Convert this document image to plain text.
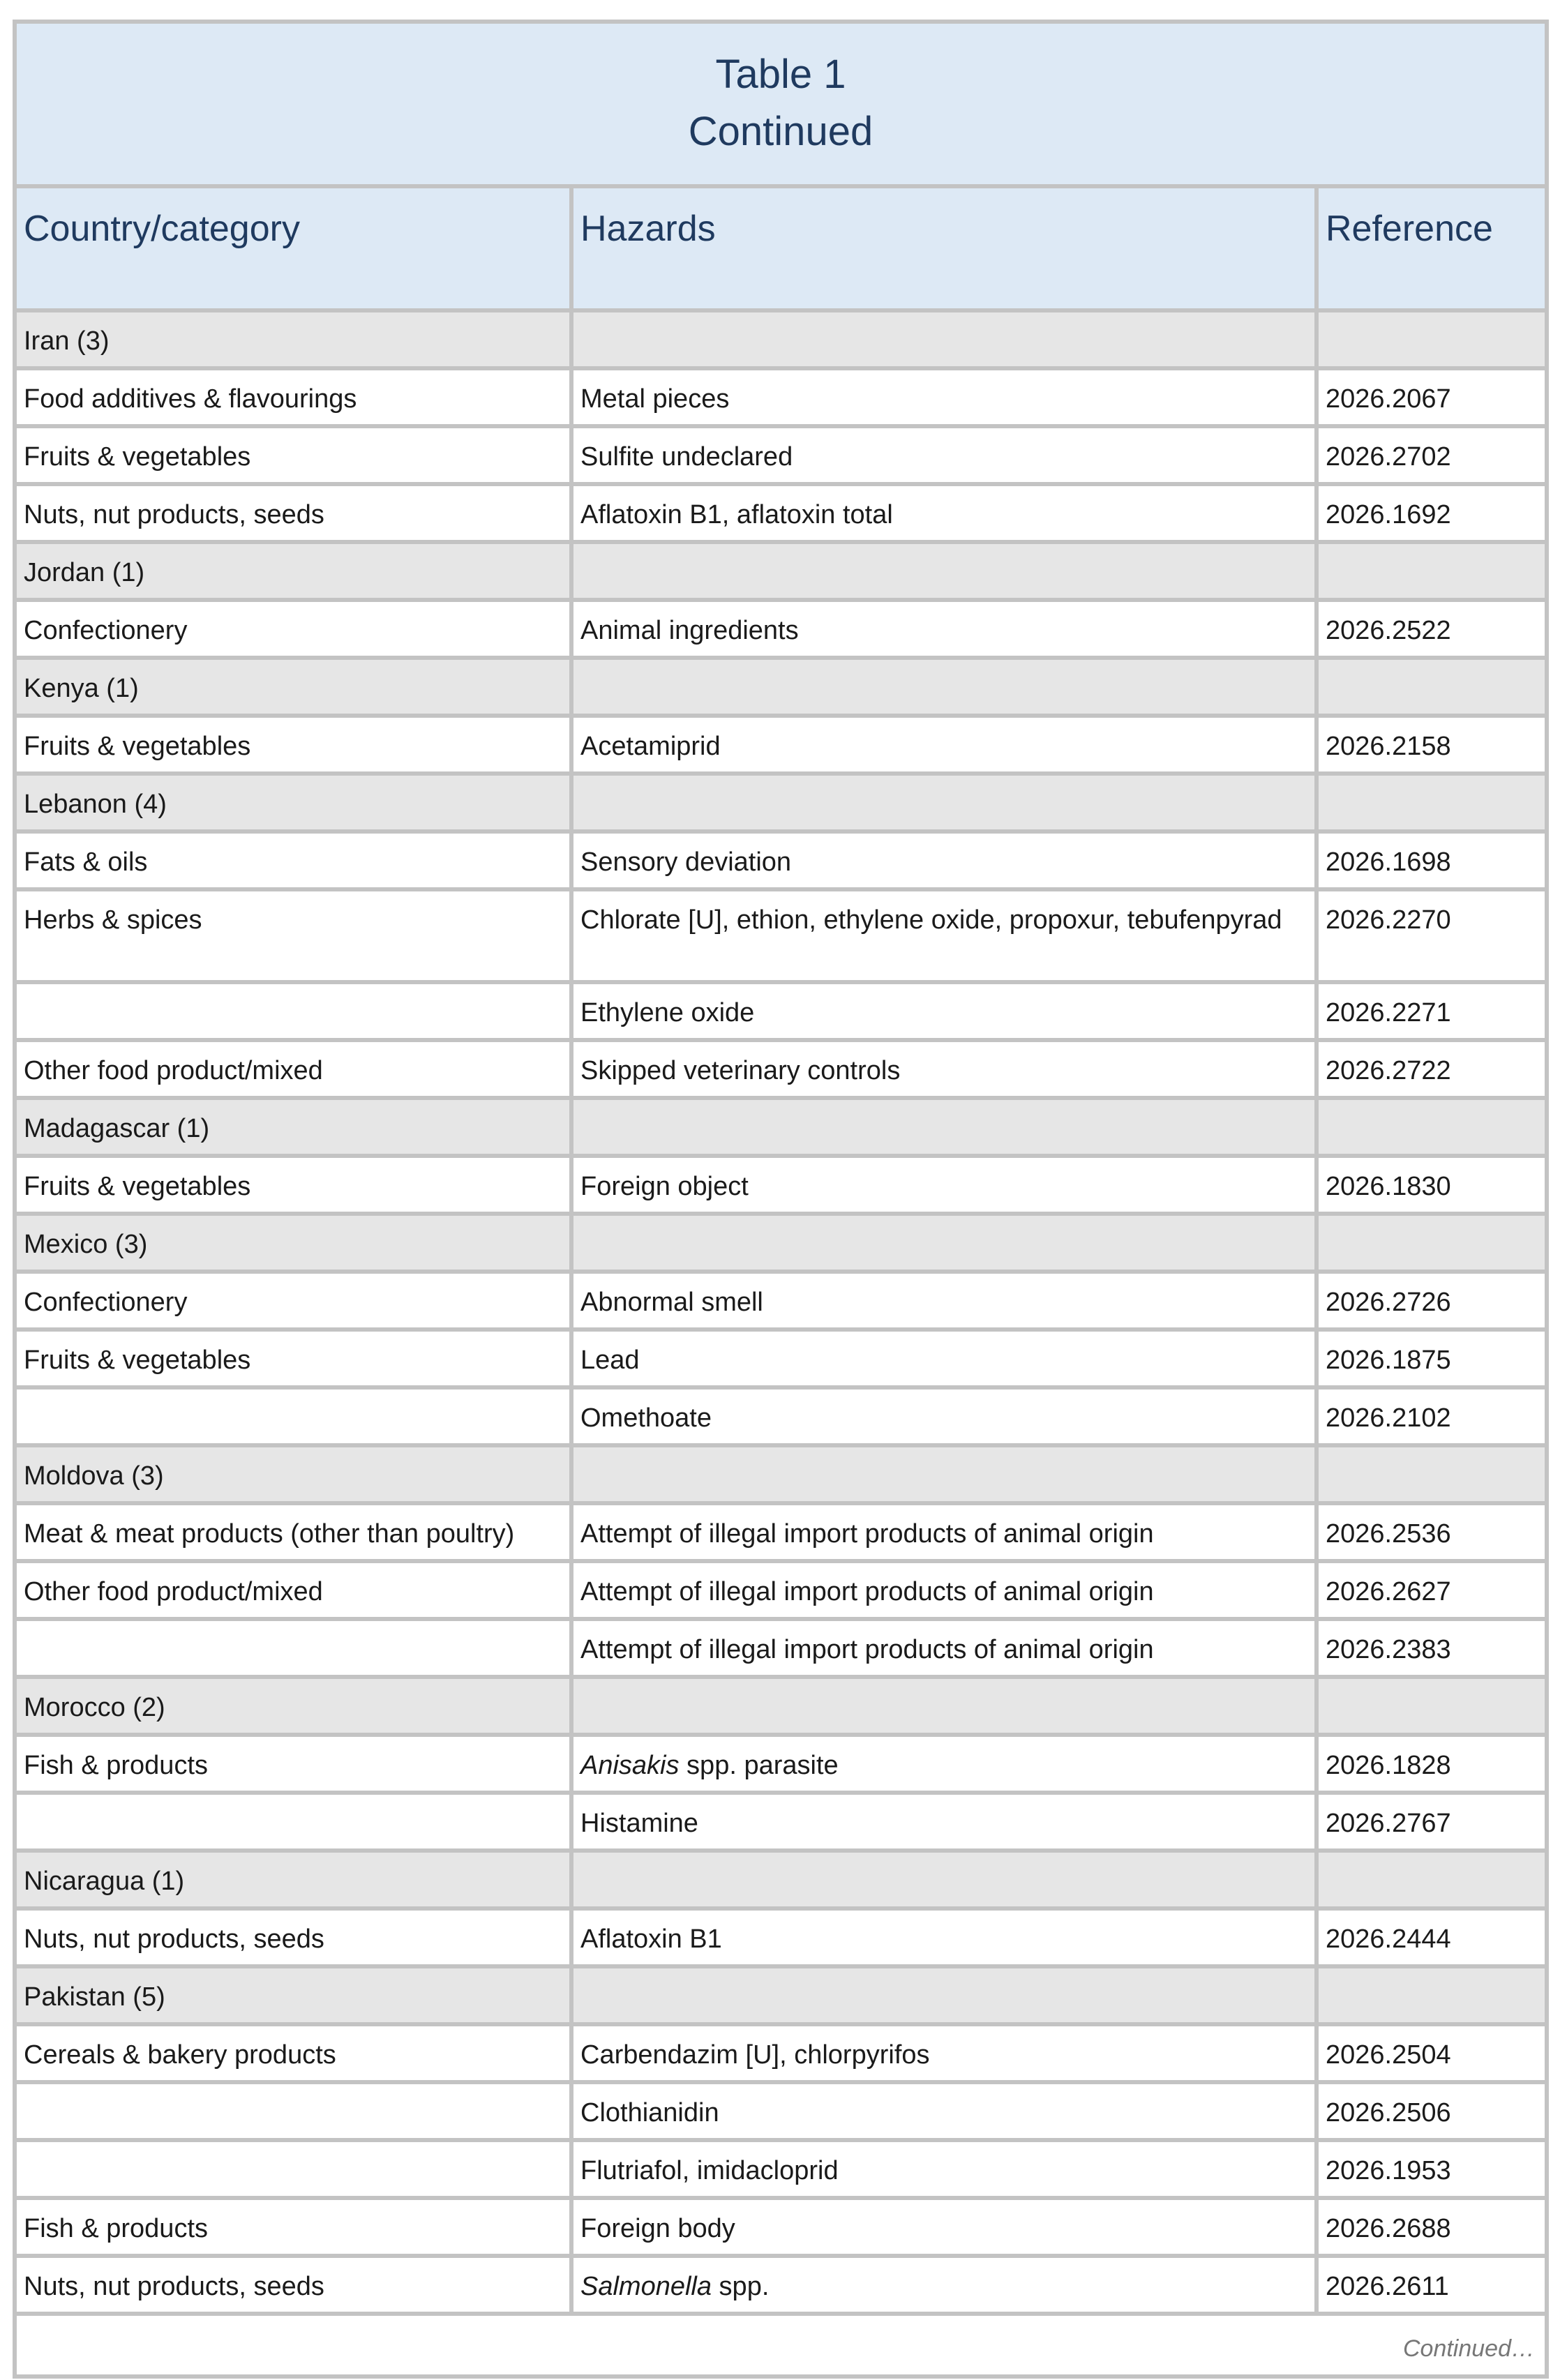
Table 1
Continued		

Country/category	Hazards	Reference
Iran (3)		
Food additives & flavourings	Metal pieces	2026.2067
Fruits & vegetables	Sulfite undeclared	2026.2702
Nuts, nut products, seeds	Aflatoxin B1, aflatoxin total	2026.1692
Jordan (1)		
Confectionery	Animal ingredients	2026.2522
Kenya (1)		
Fruits & vegetables	Acetamiprid	2026.2158
Lebanon (4)		
Fats & oils	Sensory deviation	2026.1698
Herbs & spices	Chlorate [U], ethion, ethylene oxide, propoxur, tebufenpyrad	2026.2270
	Ethylene oxide	2026.2271
Other food product/mixed	Skipped veterinary controls	2026.2722
Madagascar (1)		
Fruits & vegetables	Foreign object	2026.1830
Mexico (3)		
Confectionery	Abnormal smell	2026.2726
Fruits & vegetables	Lead	2026.1875
	Omethoate	2026.2102
Moldova (3)		
Meat & meat products (other than poultry)	Attempt of illegal import products of animal origin	2026.2536
Other food product/mixed	Attempt of illegal import products of animal origin	2026.2627
	Attempt of illegal import products of animal origin	2026.2383
Morocco (2)		
Fish & products	Anisakis spp. parasite	2026.1828
	Histamine	2026.2767
Nicaragua (1)		
Nuts, nut products, seeds	Aflatoxin B1	2026.2444
Pakistan (5)		
Cereals & bakery products	Carbendazim [U], chlorpyrifos	2026.2504
	Clothianidin	2026.2506
	Flutriafol, imidacloprid	2026.1953
Fish & products	Foreign body	2026.2688
Nuts, nut products, seeds	Salmonella spp.	2026.2611
Continued…		
